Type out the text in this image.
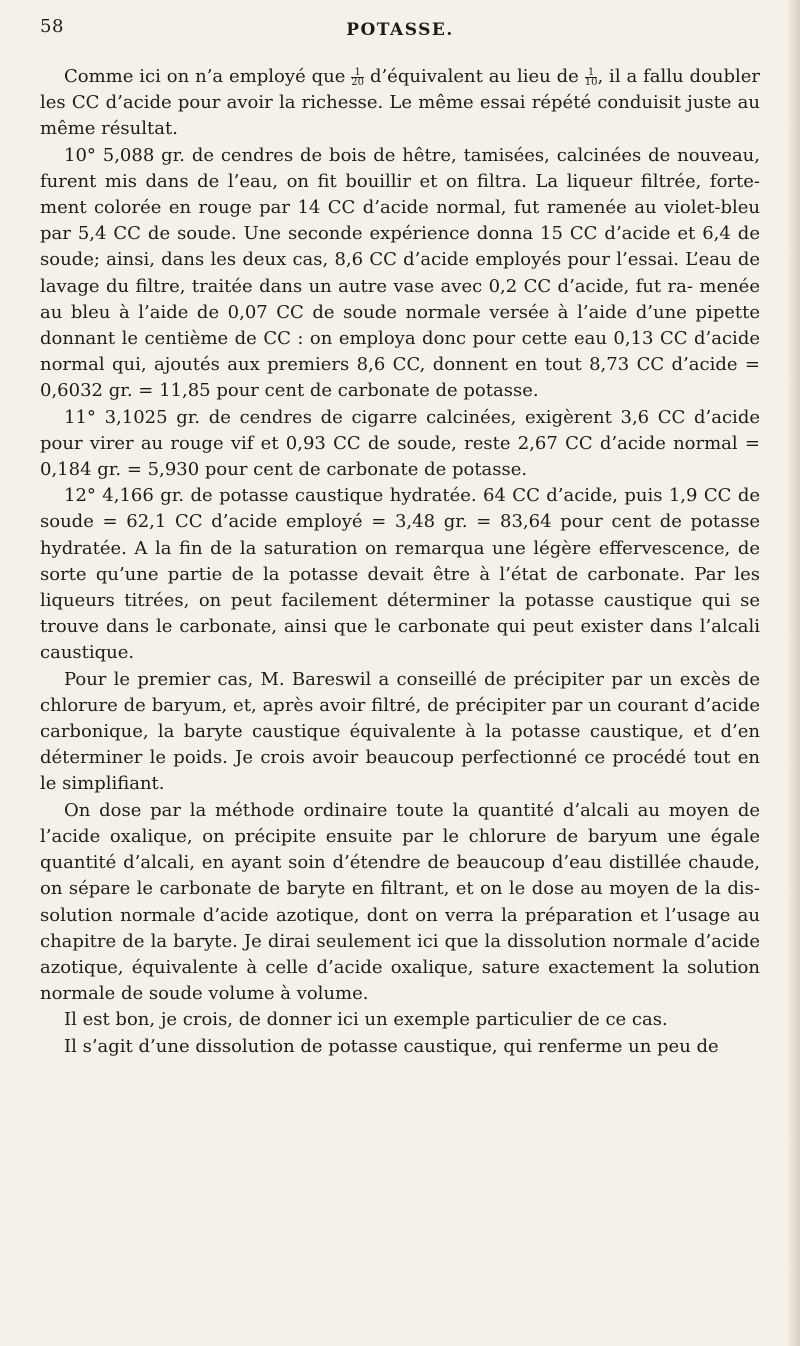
58	POTASSE.

Comme ici on n’a employé que $\frac{1}{20}$ d’équivalent au lieu de $\frac{1}{10}$ , il a fallu doubler les CC d’acide pour avoir la richesse. Le même essai répété conduisit juste au même résultat.

10° 5,088 gr. de cendres de bois de hêtre, tamisées, calcinées de nouveau, furent mis dans de l’eau, on fit bouillir et on filtra. La liqueur filtrée, forte- ment colorée en rouge par 14 CC d’acide normal, fut ramenée au violet-bleu par 5,4 CC de soude. Une seconde expérience donna 15 CC d’acide et 6,4 de soude; ainsi, dans les deux cas, 8,6 CC d’acide employés pour l’essai. L’eau de lavage du filtre, traitée dans un autre vase avec 0,2 CC d’acide, fut ra- menée au bleu à l’aide de 0,07 CC de soude normale versée à l’aide d’une pipette donnant le centième de CC : on employa donc pour cette eau 0,13 CC d’acide normal qui, ajoutés aux premiers 8,6 CC, donnent en tout 8,73 CC d’acide = 0,6032 gr. = 11,85 pour cent de carbonate de potasse.

11° 3,1025 gr. de cendres de cigarre calcinées, exigèrent 3,6 CC d’acide pour virer au rouge vif et 0,93 CC de soude, reste 2,67 CC d’acide normal = 0,184 gr. = 5,930 pour cent de carbonate de potasse.

12° 4,166 gr. de potasse caustique hydratée. 64 CC d’acide, puis 1,9 CC de soude = 62,1 CC d’acide employé = 3,48 gr. = 83,64 pour cent de potasse hydratée. A la fin de la saturation on remarqua une légère effervescence, de sorte qu’une partie de la potasse devait être à l’état de carbonate. Par les liqueurs titrées, on peut facilement déterminer la potasse caustique qui se trouve dans le carbonate, ainsi que le carbonate qui peut exister dans l’alcali caustique.

Pour le premier cas, M. Bareswil a conseillé de précipiter par un excès de chlorure de baryum, et, après avoir filtré, de précipiter par un courant d’acide carbonique, la baryte caustique équivalente à la potasse caustique, et d’en déterminer le poids. Je crois avoir beaucoup perfectionné ce procédé tout en le simplifiant.

On dose par la méthode ordinaire toute la quantité d’alcali au moyen de l’acide oxalique, on précipite ensuite par le chlorure de baryum une égale quantité d’alcali, en ayant soin d’étendre de beaucoup d’eau distillée chaude, on sépare le carbonate de baryte en filtrant, et on le dose au moyen de la dis- solution normale d’acide azotique, dont on verra la préparation et l’usage au chapitre de la baryte. Je dirai seulement ici que la dissolution normale d’acide azotique, équivalente à celle d’acide oxalique, sature exactement la solution normale de soude volume à volume.

Il est bon, je crois, de donner ici un exemple particulier de ce cas.

Il s’agit d’une dissolution de potasse caustique, qui renferme un peu de
